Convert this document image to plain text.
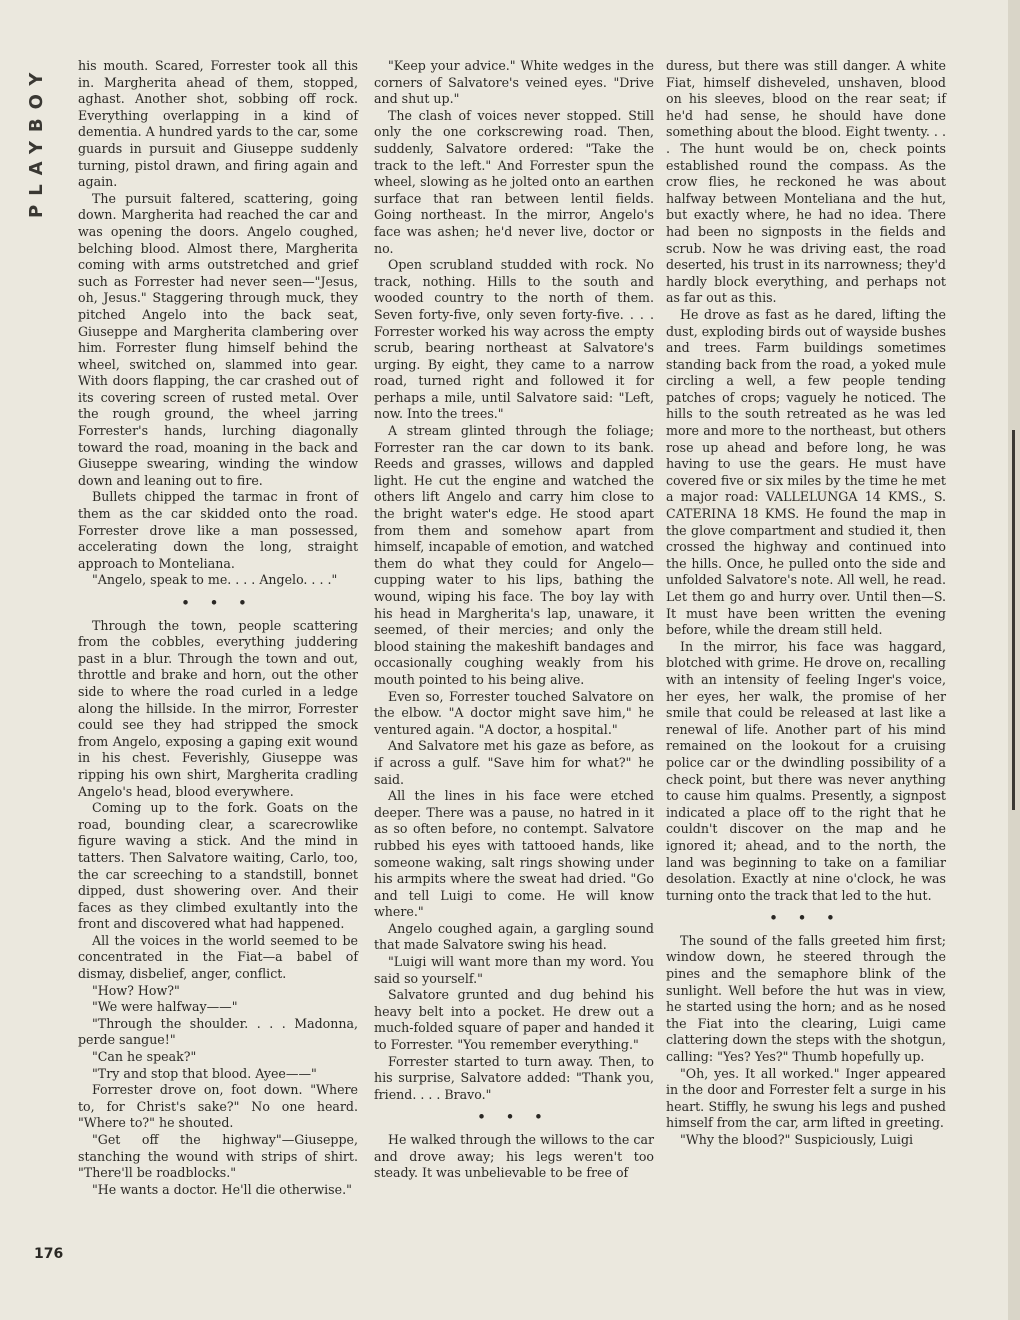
PLAYBOY his mouth. Scared, Forrester took all this in. Margherita ahead of them, stopped, aghast. Another shot, sobbing off rock. Everything overlapping in a kind of dementia. A hundred yards to the car, some guards in pursuit and Giuseppe suddenly turning, pistol drawn, and firing again and again.

The pursuit faltered, scattering, going down. Margherita had reached the car and was opening the doors. Angelo coughed, belching blood. Almost there, Margherita coming with arms outstretched and grief such as Forrester had never seen—"Jesus, oh, Jesus." Staggering through muck, they pitched Angelo into the back seat, Giuseppe and Margherita clambering over him. Forrester flung himself behind the wheel, switched on, slammed into gear. With doors flapping, the car crashed out of its covering screen of rusted metal. Over the rough ground, the wheel jarring Forrester's hands, lurching diagonally toward the road, moaning in the back and Giuseppe swearing, winding the window down and leaning out to fire.

Bullets chipped the tarmac in front of them as the car skidded onto the road. Forrester drove like a man possessed, accelerating down the long, straight approach to Monteliana.

"Angelo, speak to me. . . . Angelo. . . ."

• • •

Through the town, people scattering from the cobbles, everything juddering past in a blur. Through the town and out, throttle and brake and horn, out the other side to where the road curled in a ledge along the hillside. In the mirror, Forrester could see they had stripped the smock from Angelo, exposing a gaping exit wound in his chest. Feverishly, Giuseppe was ripping his own shirt, Margherita cradling Angelo's head, blood everywhere.

Coming up to the fork. Goats on the road, bounding clear, a scarecrowlike figure waving a stick. And the mind in tatters. Then Salvatore waiting, Carlo, too, the car screeching to a standstill, bonnet dipped, dust showering over. And their faces as they climbed exultantly into the front and discovered what had happened.

All the voices in the world seemed to be concentrated in the Fiat—a babel of dismay, disbelief, anger, conflict.

"How? How?"

"We were halfway——"

"Through the shoulder. . . . Madonna, perde sangue!"

"Can he speak?"

"Try and stop that blood. Ayee——"

Forrester drove on, foot down. "Where to, for Christ's sake?" No one heard. "Where to?" he shouted.

"Get off the highway"—Giuseppe, stanching the wound with strips of shirt. "There'll be roadblocks."

"He wants a doctor. He'll die otherwise."

"Keep your advice." White wedges in the corners of Salvatore's veined eyes. "Drive and shut up."

The clash of voices never stopped. Still only the one corkscrewing road. Then, suddenly, Salvatore ordered: "Take the track to the left." And Forrester spun the wheel, slowing as he jolted onto an earthen surface that ran between lentil fields. Going northeast. In the mirror, Angelo's face was ashen; he'd never live, doctor or no.

Open scrubland studded with rock. No track, nothing. Hills to the south and wooded country to the north of them. Seven forty-five, only seven forty-five. . . . Forrester worked his way across the empty scrub, bearing northeast at Salvatore's urging. By eight, they came to a narrow road, turned right and followed it for perhaps a mile, until Salvatore said: "Left, now. Into the trees."

A stream glinted through the foliage; Forrester ran the car down to its bank. Reeds and grasses, willows and dappled light. He cut the engine and watched the others lift Angelo and carry him close to the bright water's edge. He stood apart from them and somehow apart from himself, incapable of emotion, and watched them do what they could for Angelo—cupping water to his lips, bathing the wound, wiping his face. The boy lay with his head in Margherita's lap, unaware, it seemed, of their mercies; and only the blood staining the makeshift bandages and occasionally coughing weakly from his mouth pointed to his being alive.

Even so, Forrester touched Salvatore on the elbow. "A doctor might save him," he ventured again. "A doctor, a hospital."

And Salvatore met his gaze as before, as if across a gulf. "Save him for what?" he said.

All the lines in his face were etched deeper. There was a pause, no hatred in it as so often before, no contempt. Salvatore rubbed his eyes with tattooed hands, like someone waking, salt rings showing under his armpits where the sweat had dried. "Go and tell Luigi to come. He will know where."

Angelo coughed again, a gargling sound that made Salvatore swing his head.

"Luigi will want more than my word. You said so yourself."

Salvatore grunted and dug behind his heavy belt into a pocket. He drew out a much-folded square of paper and handed it to Forrester. "You remember everything."

Forrester started to turn away. Then, to his surprise, Salvatore added: "Thank you, friend. . . . Bravo."

• • •

He walked through the willows to the car and drove away; his legs weren't too steady. It was unbelievable to be free of

duress, but there was still danger. A white Fiat, himself disheveled, unshaven, blood on his sleeves, blood on the rear seat; if he'd had sense, he should have done something about the blood. Eight twenty. . . . The hunt would be on, check points established round the compass. As the crow flies, he reckoned he was about halfway between Monteliana and the hut, but exactly where, he had no idea. There had been no signposts in the fields and scrub. Now he was driving east, the road deserted, his trust in its narrowness; they'd hardly block everything, and perhaps not as far out as this.

He drove as fast as he dared, lifting the dust, exploding birds out of wayside bushes and trees. Farm buildings sometimes standing back from the road, a yoked mule circling a well, a few people tending patches of crops; vaguely he noticed. The hills to the south retreated as he was led more and more to the northeast, but others rose up ahead and before long, he was having to use the gears. He must have covered five or six miles by the time he met a major road: VALLELUNGA 14 KMS., S. CATERINA 18 KMS. He found the map in the glove compartment and studied it, then crossed the highway and continued into the hills. Once, he pulled onto the side and unfolded Salvatore's note. All well, he read. Let them go and hurry over. Until then—S. It must have been written the evening before, while the dream still held.

In the mirror, his face was haggard, blotched with grime. He drove on, recalling with an intensity of feeling Inger's voice, her eyes, her walk, the promise of her smile that could be released at last like a renewal of life. Another part of his mind remained on the lookout for a cruising police car or the dwindling possibility of a check point, but there was never anything to cause him qualms. Presently, a signpost indicated a place off to the right that he couldn't discover on the map and he ignored it; ahead, and to the north, the land was beginning to take on a familiar desolation. Exactly at nine o'clock, he was turning onto the track that led to the hut.

• • •

The sound of the falls greeted him first; window down, he steered through the pines and the semaphore blink of the sunlight. Well before the hut was in view, he started using the horn; and as he nosed the Fiat into the clearing, Luigi came clattering down the steps with the shotgun, calling: "Yes? Yes?" Thumb hopefully up.

"Oh, yes. It all worked." Inger appeared in the door and Forrester felt a surge in his heart. Stiffly, he swung his legs and pushed himself from the car, arm lifted in greeting.

"Why the blood?" Suspiciously, Luigi

176
